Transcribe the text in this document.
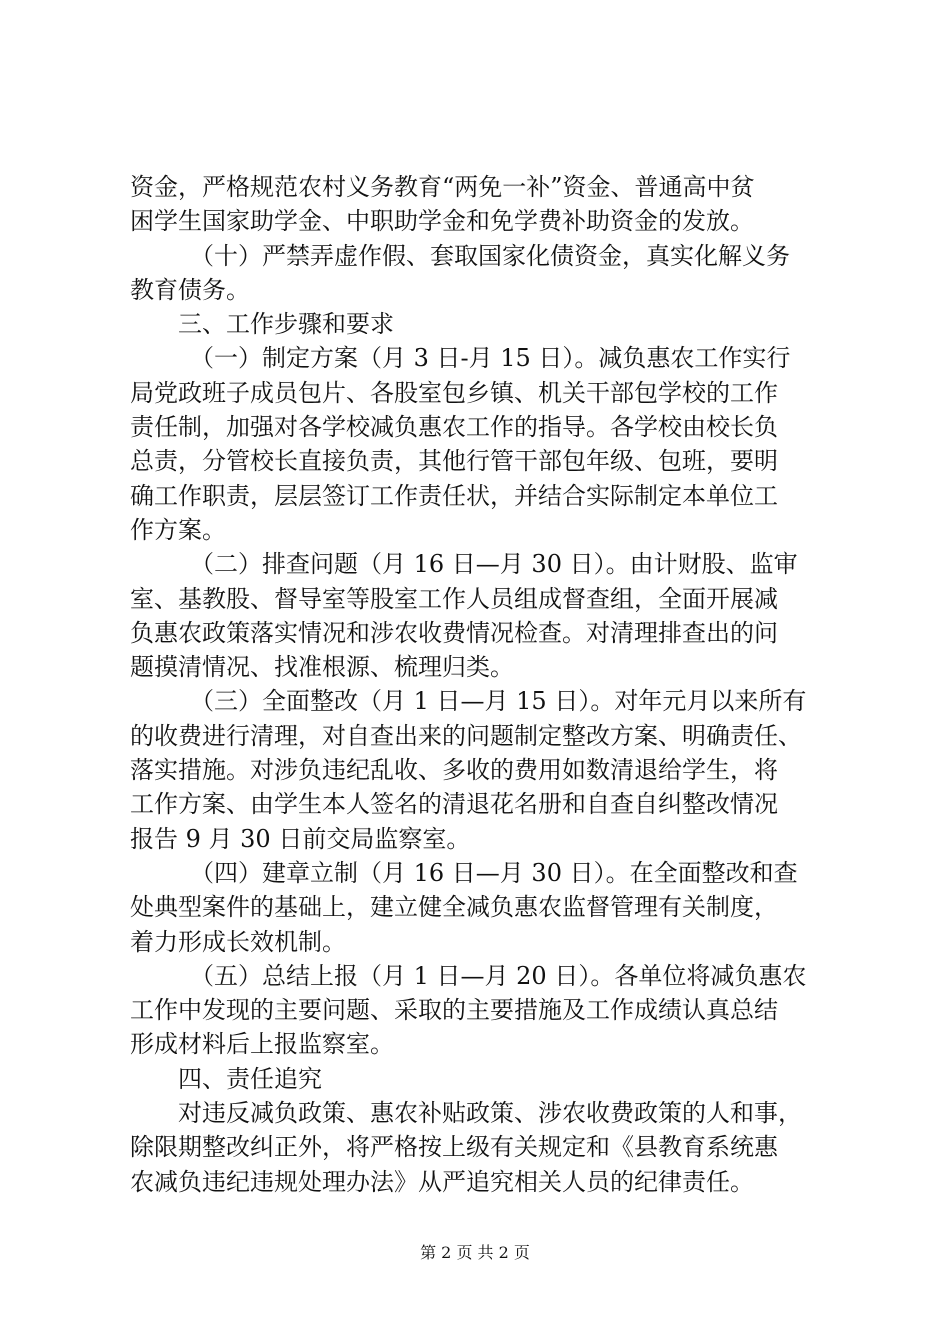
资金，严格规范农村义务教育“两免一补”资金、普通高中贫
困学生国家助学金、中职助学金和免学费补助资金的发放。
（十）严禁弄虚作假、套取国家化债资金，真实化解义务
教育债务。
三、工作步骤和要求
（一）制定方案（月 3 日-月 15 日）。减负惠农工作实行
局党政班子成员包片、各股室包乡镇、机关干部包学校的工作
责任制，加强对各学校减负惠农工作的指导。各学校由校长负
总责，分管校长直接负责，其他行管干部包年级、包班，要明
确工作职责，层层签订工作责任状，并结合实际制定本单位工
作方案。
（二）排查问题（月 16 日—月 30 日）。由计财股、监审
室、基教股、督导室等股室工作人员组成督查组，全面开展减
负惠农政策落实情况和涉农收费情况检查。对清理排查出的问
题摸清情况、找准根源、梳理归类。
（三）全面整改（月 1 日—月 15 日）。对年元月以来所有
的收费进行清理，对自查出来的问题制定整改方案、明确责任、
落实措施。对涉负违纪乱收、多收的费用如数清退给学生，将
工作方案、由学生本人签名的清退花名册和自查自纠整改情况
报告 9 月 30 日前交局监察室。
（四）建章立制（月 16 日—月 30 日）。在全面整改和查
处典型案件的基础上，建立健全减负惠农监督管理有关制度，
着力形成长效机制。
（五）总结上报（月 1 日—月 20 日）。各单位将减负惠农
工作中发现的主要问题、采取的主要措施及工作成绩认真总结
形成材料后上报监察室。
四、责任追究
对违反减负政策、惠农补贴政策、涉农收费政策的人和事，
除限期整改纠正外，将严格按上级有关规定和《县教育系统惠
农减负违纪违规处理办法》从严追究相关人员的纪律责任。
第 2 页 共 2 页
